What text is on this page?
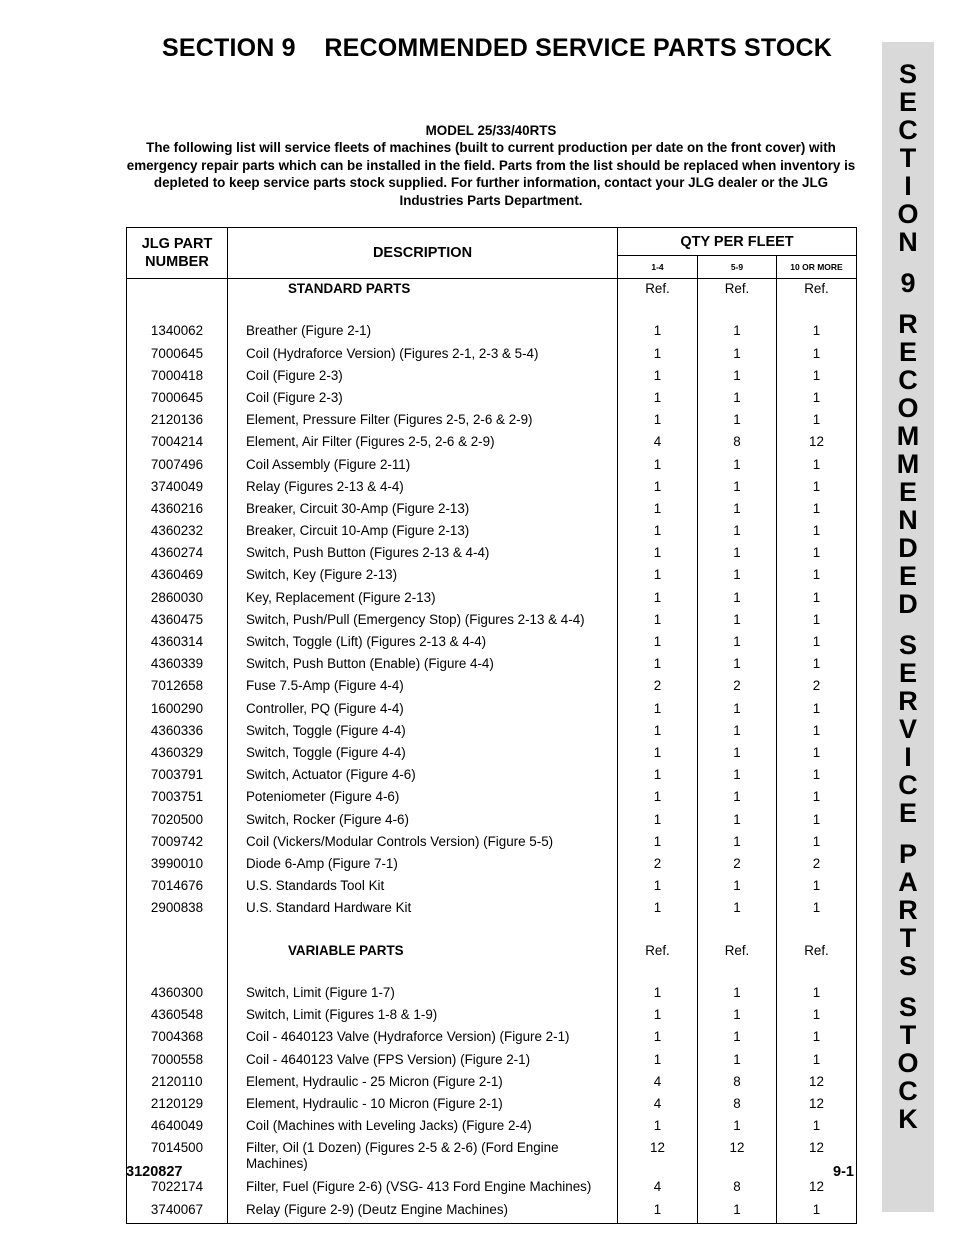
SECTION 9 RECOMMENDED SERVICE PARTS STOCK
S
E
C
T
I
O
N
9
R
E
C
O
M
M
E
N
D
E
D
S
E
R
V
I
C
E
P
A
R
T
S
S
T
O
C
K

MODEL 25/33/40RTS

The following list will service fleets of machines (built to current production per date on the front cover) with emergency repair parts which can be installed in the field. Parts from the list should be replaced when inventory is depleted to keep service parts stock supplied. For further information, contact your JLG dealer or the JLG Industries Parts Department.

JLG PART NUMBER	DESCRIPTION	QTY PER FLEET		
		1-4	5-9	10 OR MORE
	STANDARD PARTS	Ref.	Ref.	Ref.

1340062	Breather (Figure 2-1)	1	1	1
7000645	Coil (Hydraforce Version) (Figures 2-1, 2-3 & 5-4)	1	1	1
7000418	Coil (Figure 2-3)	1	1	1
7000645	Coil (Figure 2-3)	1	1	1
2120136	Element, Pressure Filter (Figures 2-5, 2-6 & 2-9)	1	1	1
7004214	Element, Air Filter (Figures 2-5, 2-6 & 2-9)	4	8	12
7007496	Coil Assembly (Figure 2-11)	1	1	1
3740049	Relay (Figures 2-13 & 4-4)	1	1	1
4360216	Breaker, Circuit 30-Amp (Figure 2-13)	1	1	1
4360232	Breaker, Circuit 10-Amp (Figure 2-13)	1	1	1
4360274	Switch, Push Button (Figures 2-13 & 4-4)	1	1	1
4360469	Switch, Key (Figure 2-13)	1	1	1
2860030	Key, Replacement (Figure 2-13)	1	1	1
4360475	Switch, Push/Pull (Emergency Stop) (Figures 2-13 & 4-4)	1	1	1
4360314	Switch, Toggle (Lift) (Figures 2-13 & 4-4)	1	1	1
4360339	Switch, Push Button (Enable) (Figure 4-4)	1	1	1
7012658	Fuse 7.5-Amp (Figure 4-4)	2	2	2
1600290	Controller, PQ (Figure 4-4)	1	1	1
4360336	Switch, Toggle (Figure 4-4)	1	1	1
4360329	Switch, Toggle (Figure 4-4)	1	1	1
7003791	Switch, Actuator (Figure 4-6)	1	1	1
7003751	Poteniometer (Figure 4-6)	1	1	1
7020500	Switch, Rocker (Figure 4-6)	1	1	1
7009742	Coil (Vickers/Modular Controls Version) (Figure 5-5)	1	1	1
3990010	Diode 6-Amp (Figure 7-1)	2	2	2
7014676	U.S. Standards Tool Kit	1	1	1
2900838	U.S. Standard Hardware Kit	1	1	1

	VARIABLE PARTS	Ref.	Ref.	Ref.

4360300	Switch, Limit (Figure 1-7)	1	1	1
4360548	Switch, Limit (Figures 1-8 & 1-9)	1	1	1
7004368	Coil - 4640123 Valve (Hydraforce Version) (Figure 2-1)	1	1	1
7000558	Coil - 4640123 Valve (FPS Version) (Figure 2-1)	1	1	1
2120110	Element, Hydraulic - 25 Micron (Figure 2-1)	4	8	12
2120129	Element, Hydraulic - 10 Micron (Figure 2-1)	4	8	12
4640049	Coil (Machines with Leveling Jacks) (Figure 2-4)	1	1	1
7014500	Filter, Oil (1 Dozen) (Figures 2-5 & 2-6) (Ford Engine Machines)	12	12	12
7022174	Filter, Fuel (Figure 2-6) (VSG- 413 Ford Engine Machines)	4	8	12
3740067	Relay (Figure 2-9) (Deutz Engine Machines)	1	1	1
3120827	9-1
